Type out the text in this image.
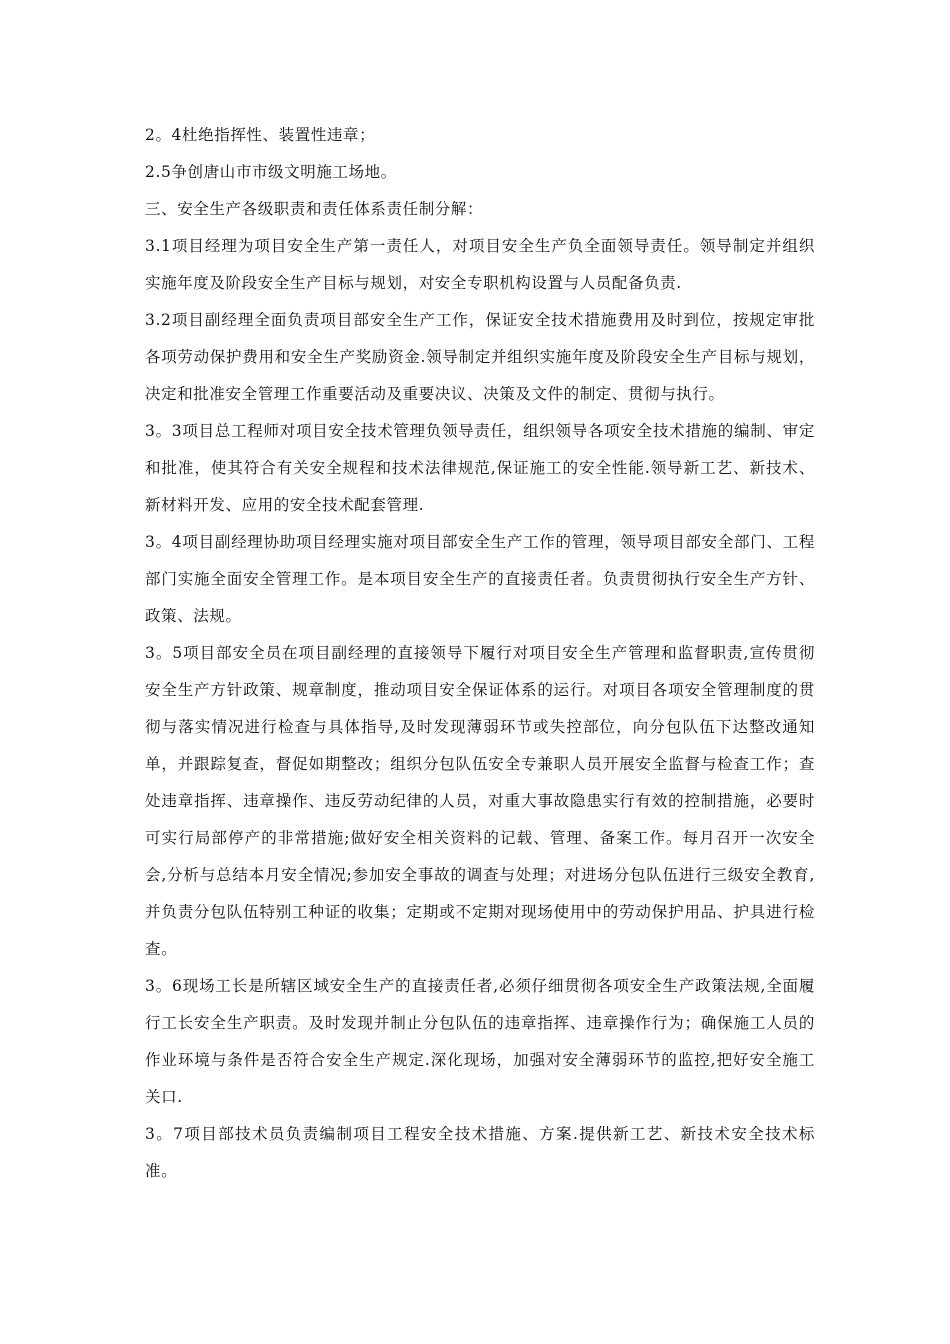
2。4杜绝指挥性、装置性违章；

2.5争创唐山市市级文明施工场地。

三、安全生产各级职责和责任体系责任制分解：

3.1项目经理为项目安全生产第一责任人，对项目安全生产负全面领导责任。领导制定并组织实施年度及阶段安全生产目标与规划，对安全专职机构设置与人员配备负责.

3.2项目副经理全面负责项目部安全生产工作，保证安全技术措施费用及时到位，按规定审批各项劳动保护费用和安全生产奖励资金.领导制定并组织实施年度及阶段安全生产目标与规划，决定和批准安全管理工作重要活动及重要决议、决策及文件的制定、贯彻与执行。

3。3项目总工程师对项目安全技术管理负领导责任，组织领导各项安全技术措施的编制、审定和批准，使其符合有关安全规程和技术法律规范,保证施工的安全性能.领导新工艺、新技术、新材料开发、应用的安全技术配套管理.

3。4项目副经理协助项目经理实施对项目部安全生产工作的管理，领导项目部安全部门、工程部门实施全面安全管理工作。是本项目安全生产的直接责任者。负责贯彻执行安全生产方针、政策、法规。

3。5项目部安全员在项目副经理的直接领导下履行对项目安全生产管理和监督职责,宣传贯彻安全生产方针政策、规章制度，推动项目安全保证体系的运行。对项目各项安全管理制度的贯彻与落实情况进行检查与具体指导,及时发现薄弱环节或失控部位，向分包队伍下达整改通知单，并跟踪复查，督促如期整改；组织分包队伍安全专兼职人员开展安全监督与检查工作；查处违章指挥、违章操作、违反劳动纪律的人员，对重大事故隐患实行有效的控制措施，必要时可实行局部停产的非常措施;做好安全相关资料的记载、管理、备案工作。每月召开一次安全会,分析与总结本月安全情况;参加安全事故的调查与处理；对进场分包队伍进行三级安全教育,并负责分包队伍特别工种证的收集；定期或不定期对现场使用中的劳动保护用品、护具进行检查。

3。6现场工长是所辖区域安全生产的直接责任者,必须仔细贯彻各项安全生产政策法规,全面履行工长安全生产职责。及时发现并制止分包队伍的违章指挥、违章操作行为；确保施工人员的作业环境与条件是否符合安全生产规定.深化现场，加强对安全薄弱环节的监控,把好安全施工关口.

3。7项目部技术员负责编制项目工程安全技术措施、方案.提供新工艺、新技术安全技术标准。
